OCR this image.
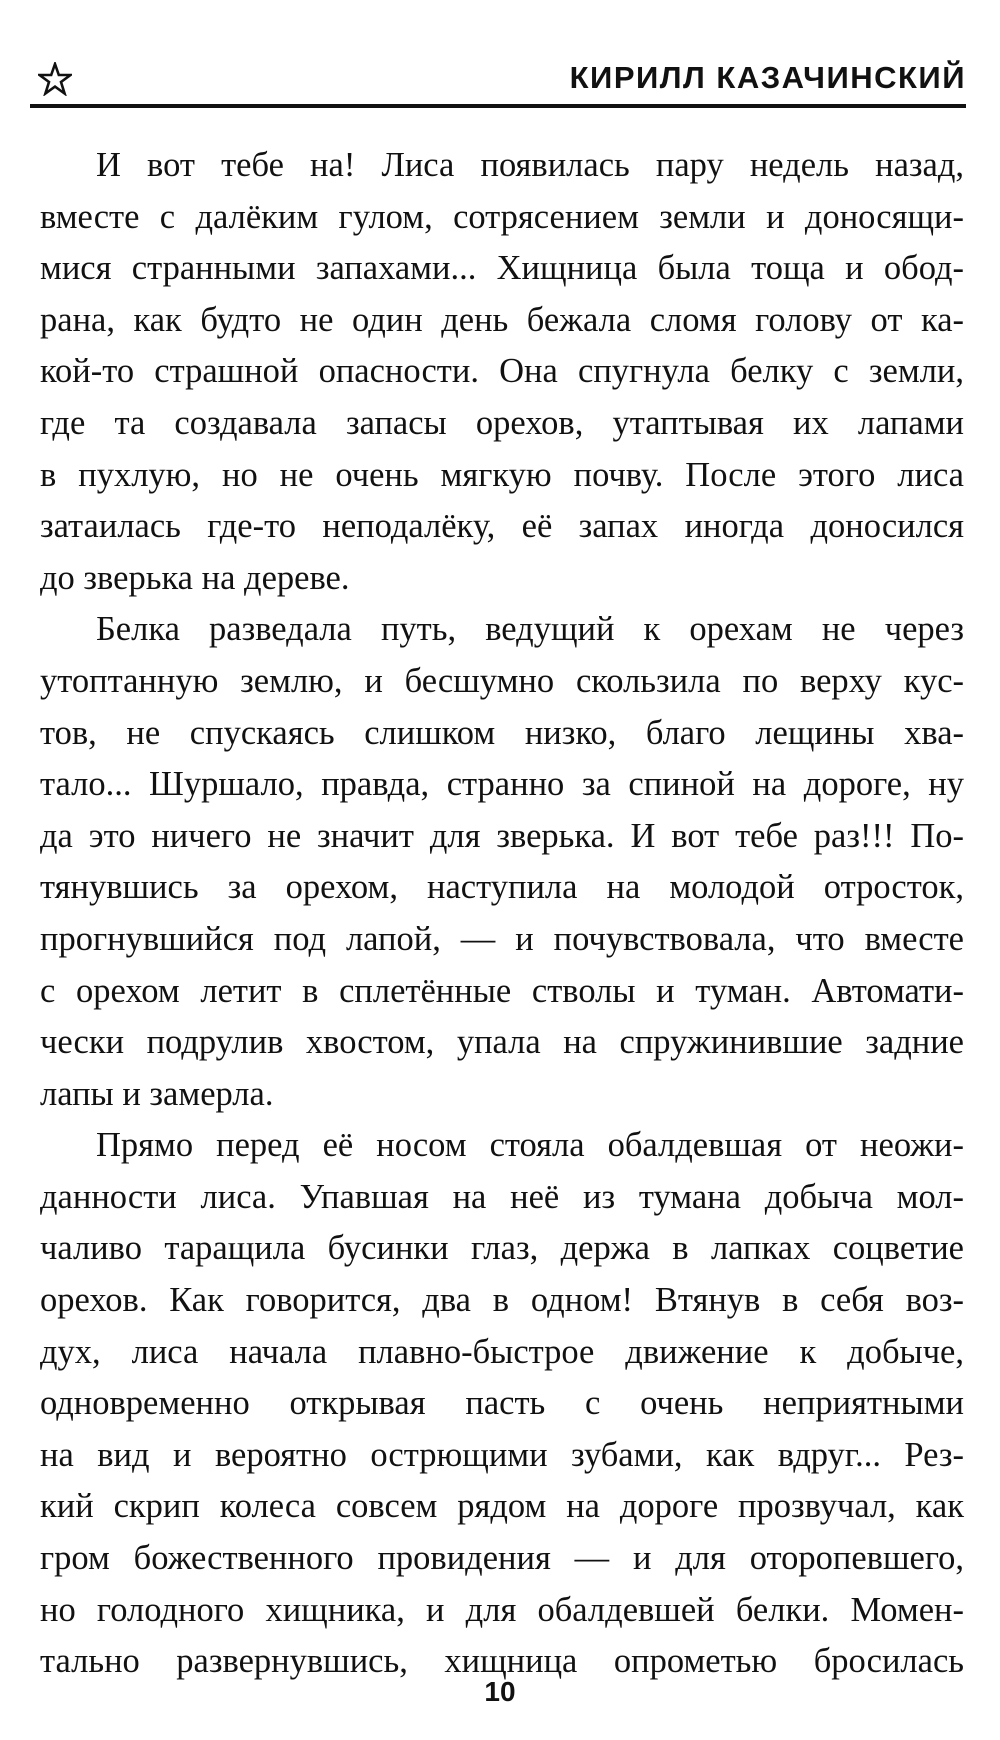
КИРИЛЛ КАЗАЧИНСКИЙ
И вот тебе на! Лиса появилась пару недель назад,
вместе с далёким гулом, сотрясением земли и доносящи-
мися странными запахами... Хищница была тоща и обод-
рана, как будто не один день бежала сломя голову от ка-
кой-то страшной опасности. Она спугнула белку с земли,
где та создавала запасы орехов, утаптывая их лапами
в пухлую, но не очень мягкую почву. После этого лиса
затаилась где-то неподалёку, её запах иногда доносился
до зверька на дереве.
Белка разведала путь, ведущий к орехам не через
утоптанную землю, и бесшумно скользила по верху кус-
тов, не спускаясь слишком низко, благо лещины хва-
тало... Шуршало, правда, странно за спиной на дороге, ну
да это ничего не значит для зверька. И вот тебе раз!!! По-
тянувшись за орехом, наступила на молодой отросток,
прогнувшийся под лапой, — и почувствовала, что вместе
с орехом летит в сплетённые стволы и туман. Автомати-
чески подрулив хвостом, упала на спружинившие задние
лапы и замерла.
Прямо перед её носом стояла обалдевшая от неожи-
данности лиса. Упавшая на неё из тумана добыча мол-
чаливо таращила бусинки глаз, держа в лапках соцветие
орехов. Как говорится, два в одном! Втянув в себя воз-
дух, лиса начала плавно-быстрое движение к добыче,
одновременно открывая пасть с очень неприятными
на вид и вероятно острющими зубами, как вдруг... Рез-
кий скрип колеса совсем рядом на дороге прозвучал, как
гром божественного провидения — и для оторопевшего,
но голодного хищника, и для обалдевшей белки. Момен-
тально развернувшись, хищница опрометью бросилась
10
